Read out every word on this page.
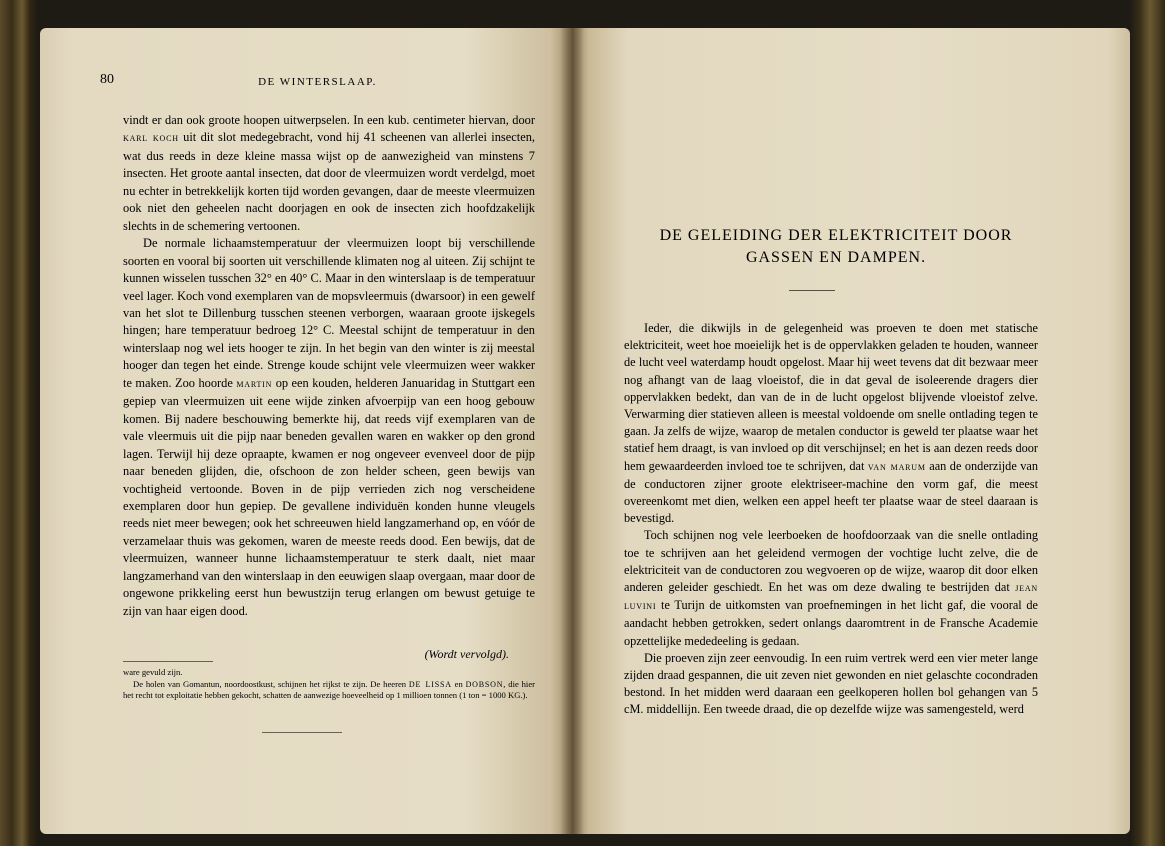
80	DE WINTERSLAAP.

vindt er dan ook groote hoopen uitwerpselen. In een kub. centimeter hiervan, door karl koch uit dit slot medegebracht, vond hij 41 scheenen van allerlei insecten, wat dus reeds in deze kleine massa wijst op de aanwezigheid van minstens 7 insecten. Het groote aantal insecten, dat door de vleermuizen wordt verdelgd, moet nu echter in betrekkelijk korten tijd worden gevangen, daar de meeste vleermuizen ook niet den geheelen nacht doorjagen en ook de insecten zich hoofdzakelijk slechts in de schemering vertoonen.

De normale lichaamstemperatuur der vleermuizen loopt bij verschillende soorten en vooral bij soorten uit verschillende klimaten nog al uiteen. Zij schijnt te kunnen wisselen tusschen 32° en 40° C. Maar in den winterslaap is de temperatuur veel lager. Koch vond exemplaren van de mopsvleermuis (dwarsoor) in een gewelf van het slot te Dillenburg tusschen steenen verborgen, waaraan groote ijskegels hingen; hare temperatuur bedroeg 12° C. Meestal schijnt de temperatuur in den winterslaap nog wel iets hooger te zijn. In het begin van den winter is zij meestal hooger dan tegen het einde. Strenge koude schijnt vele vleermuizen weer wakker te maken. Zoo hoorde martin op een kouden, helderen Januaridag in Stuttgart een gepiep van vleermuizen uit eene wijde zinken afvoerpijp van een hoog gebouw komen. Bij nadere beschouwing bemerkte hij, dat reeds vijf exemplaren van de vale vleermuis uit die pijp naar beneden gevallen waren en wakker op den grond lagen. Terwijl hij deze opraapte, kwamen er nog ongeveer evenveel door de pijp naar beneden glijden, die, ofschoon de zon helder scheen, geen bewijs van vochtigheid vertoonde. Boven in de pijp verrieden zich nog verscheidene exemplaren door hun gepiep. De gevallene individuën konden hunne vleugels reeds niet meer bewegen; ook het schreeuwen hield langzamerhand op, en vóór de verzamelaar thuis was gekomen, waren de meeste reeds dood. Een bewijs, dat de vleermuizen, wanneer hunne lichaamstemperatuur te sterk daalt, niet maar langzamerhand van den winterslaap in den eeuwigen slaap overgaan, maar door de ongewone prikkeling eerst hun bewustzijn terug erlangen om bewust getuige te zijn van haar eigen dood.

(Wordt vervolgd).

ware gevuld zijn.

De holen van Gomantun, noordoostkust, schijnen het rijkst te zijn. De heeren de lissa en dobson, die hier het recht tot exploitatie hebben gekocht, schatten de aanwezige hoeveelheid op 1 millioen tonnen (1 ton = 1000 KG.).

DE GELEIDING DER ELEKTRICITEIT DOOR
GASSEN EN DAMPEN.

Ieder, die dikwijls in de gelegenheid was proeven te doen met statische elektriciteit, weet hoe moeielijk het is de oppervlakken geladen te houden, wanneer de lucht veel waterdamp houdt opgelost. Maar hij weet tevens dat dit bezwaar meer nog afhangt van de laag vloeistof, die in dat geval de isoleerende dragers dier oppervlakken bedekt, dan van de in de lucht opgelost blijvende vloeistof zelve. Verwarming dier statieven alleen is meestal voldoende om snelle ontlading tegen te gaan. Ja zelfs de wijze, waarop de metalen conductor is geweld ter plaatse waar het statief hem draagt, is van invloed op dit verschijnsel; en het is aan dezen reeds door hem gewaardeerden invloed toe te schrijven, dat van marum aan de onderzijde van de conductoren zijner groote elektriseer-machine den vorm gaf, die meest overeenkomt met dien, welken een appel heeft ter plaatse waar de steel daaraan is bevestigd.

Toch schijnen nog vele leerboeken de hoofdoorzaak van die snelle ontlading toe te schrijven aan het geleidend vermogen der vochtige lucht zelve, die de elektriciteit van de conductoren zou wegvoeren op de wijze, waarop dit door elken anderen geleider geschiedt. En het was om deze dwaling te bestrijden dat jean luvini te Turijn de uitkomsten van proefnemingen in het licht gaf, die vooral de aandacht hebben getrokken, sedert onlangs daaromtrent in de Fransche Academie opzettelijke mededeeling is gedaan.

Die proeven zijn zeer eenvoudig. In een ruim vertrek werd een vier meter lange zijden draad gespannen, die uit zeven niet gewonden en niet gelaschte cocondraden bestond. In het midden werd daaraan een geelkoperen hollen bol gehangen van 5 cM. middellijn. Een tweede draad, die op dezelfde wijze was samengesteld, werd
